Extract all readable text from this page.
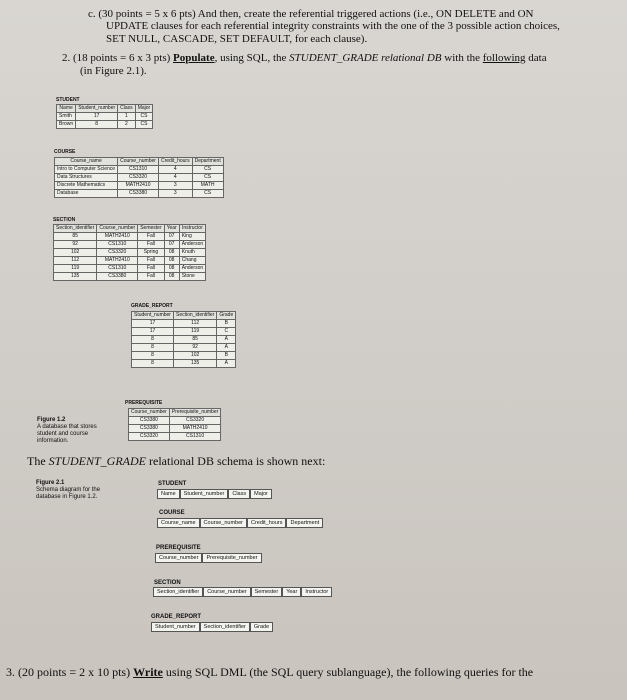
c. (30 points = 5 x 6 pts) And then, create the referential triggered actions (i.e., ON DELETE and ON
UPDATE clauses for each referential integrity constraints with the one of the 3 possible action choices,
SET NULL, CASCADE, SET DEFAULT, for each clause).
2. (18 points = 6 x 3 pts) Populate, using SQL, the STUDENT_GRADE relational DB with the following data
(in Figure 2.1).
STUDENT
Name	Student_number	Class	Major
Smith	17	1	CS
Brown	8	2	CS
COURSE
Course_name	Course_number	Credit_hours	Department
Intro to Computer Science	CS1310	4	CS
Data Structures	CS3320	4	CS
Discrete Mathematics	MATH2410	3	MATH
Database	CS3380	3	CS
SECTION
Section_identifier	Course_number	Semester	Year	Instructor
85	MATH2410	Fall	07	King
92	CS1310	Fall	07	Anderson
102	CS3320	Spring	08	Knuth
112	MATH2410	Fall	08	Chang
119	CS1310	Fall	08	Anderson
135	CS3380	Fall	08	Stone
GRADE_REPORT
Student_number	Section_identifier	Grade
17	112	B
17	119	C
8	85	A
8	92	A
8	102	B
8	135	A
PREREQUISITE
Course_number	Prerequisite_number
CS3380	CS3320
CS3380	MATH2410
CS3320	CS1310
Figure 1.2
A database that stores
student and course
information.
The STUDENT_GRADE relational DB schema is shown next:
Figure 2.1
Schema diagram for the
database in Figure 1.2.
STUDENT
Name	Student_number	Class	Major
COURSE
Course_name	Course_number	Credit_hours	Department
PREREQUISITE
Course_number	Prerequisite_number
SECTION
Section_identifier	Course_number	Semester	Year	Instructor
GRADE_REPORT
Student_number	Section_identifier	Grade
3. (20 points = 2 x 10 pts) Write using SQL DML (the SQL query sublanguage), the following queries for the
